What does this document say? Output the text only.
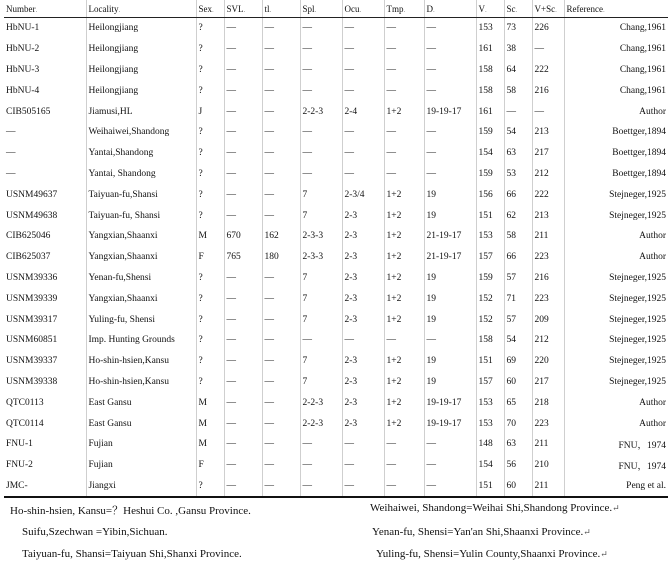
Number.	Locality.	Sex.	SVL.	tl.	Spl.	Ocu.	Tmp.	D.	V.	Sc.	V+Sc.	Reference.
HbNU-1	Heilongjiang	?	—	—	—	—	—	—	153	73	226	Chang,1961
HbNU-2	Heilongjiang	?	—	—	—	—	—	—	161	38	—	Chang,1961
HbNU-3	Heilongjiang	?	—	—	—	—	—	—	158	64	222	Chang,1961
HbNU-4	Heilongjiang	?	—	—	—	—	—	—	158	58	216	Chang,1961
CIB505165	Jiamusi,HL	J	—	—	2-2-3	2-4	1+2	19-19-17	161	—	—	Author
—	Weihaiwei,Shandong	?	—	—	—	—	—	—	159	54	213	Boettger,1894
—	Yantai,Shandong	?	—	—	—	—	—	—	154	63	217	Boettger,1894
—	Yantai, Shandong	?	—	—	—	—	—	—	159	53	212	Boettger,1894
USNM49637	Taiyuan-fu,Shansi	?	—	—	7	2-3/4	1+2	19	156	66	222	Stejneger,1925
USNM49638	Taiyuan-fu, Shansi	?	—	—	7	2-3	1+2	19	151	62	213	Stejneger,1925
CIB625046	Yangxian,Shaanxi	M	670	162	2-3-3	2-3	1+2	21-19-17	153	58	211	Author
CIB625037	Yangxian,Shaanxi	F	765	180	2-3-3	2-3	1+2	21-19-17	157	66	223	Author
USNM39336	Yenan-fu,Shensi	?	—	—	7	2-3	1+2	19	159	57	216	Stejneger,1925
USNM39339	Yangxian,Shaanxi	?	—	—	7	2-3	1+2	19	152	71	223	Stejneger,1925
USNM39317	Yuling-fu, Shensi	?	—	—	7	2-3	1+2	19	152	57	209	Stejneger,1925
USNM60851	Imp. Hunting Grounds	?	—	—	—	—	—	—	158	54	212	Stejneger,1925
USNM39337	Ho-shin-hsien,Kansu	?	—	—	7	2-3	1+2	19	151	69	220	Stejneger,1925
USNM39338	Ho-shin-hsien,Kansu	?	—	—	7	2-3	1+2	19	157	60	217	Stejneger,1925
QTC0113	East Gansu	M	—	—	2-2-3	2-3	1+2	19-19-17	153	65	218	Author
QTC0114	East Gansu	M	—	—	2-2-3	2-3	1+2	19-19-17	153	70	223	Author
FNU-1	Fujian	M	—	—	—	—	—	—	148	63	211	FNU，1974
FNU-2	Fujian	F	—	—	—	—	—	—	154	56	210	FNU，1974
JMC-	Jiangxi	?	—	—	—	—	—	—	151	60	211	Peng et al.
Ho-shin-hsien, Kansu=？Heshui Co. ,Gansu Province.	Weihaiwei, Shandong=Weihai Shi,Shandong Province.↵
Suifu,Szechwan =Yibin,Sichuan.	Yenan-fu, Shensi=Yan'an Shi,Shaanxi Province.↵
Taiyuan-fu, Shansi=Taiyuan Shi,Shanxi Province.	Yuling-fu, Shensi=Yulin County,Shaanxi Province.↵
